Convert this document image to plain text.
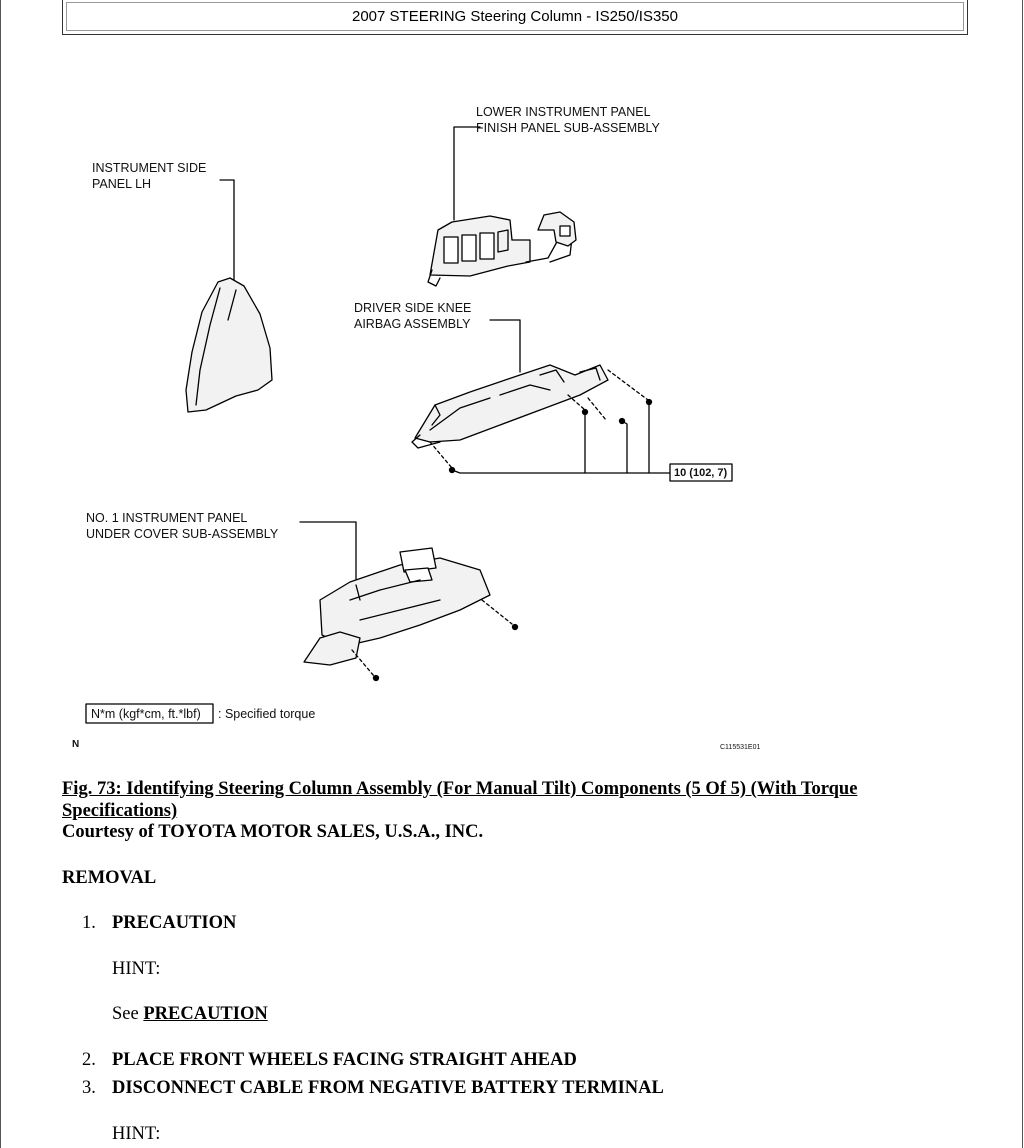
2007 STEERING Steering Column - IS250/IS350
LOWER INSTRUMENT PANEL
FINISH PANEL SUB-ASSEMBLY
INSTRUMENT SIDE
PANEL LH
DRIVER SIDE KNEE
AIRBAG ASSEMBLY
10 (102, 7)
NO. 1 INSTRUMENT PANEL
UNDER COVER SUB-ASSEMBLY
N*m (kgf*cm, ft.*lbf) : Specified torque
N	C115531E01
Fig. 73: Identifying Steering Column Assembly (For Manual Tilt) Components (5 Of 5) (With Torque Specifications)
Courtesy of TOYOTA MOTOR SALES, U.S.A., INC.
REMOVAL
1. PRECAUTION
HINT:
See PRECAUTION
2. PLACE FRONT WHEELS FACING STRAIGHT AHEAD
3. DISCONNECT CABLE FROM NEGATIVE BATTERY TERMINAL
HINT:
